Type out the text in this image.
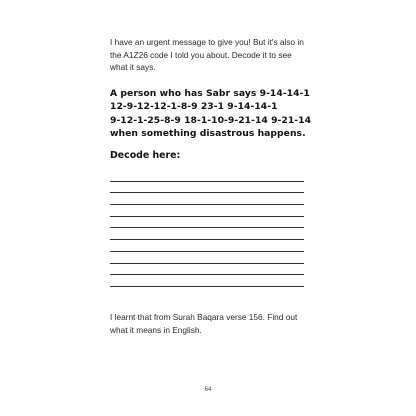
I have an urgent message to give you! But it's also in

the A1Z26 code I told you about. Decode it to see

what it says.

A person who has Sabr says 9-14-14-1
12-9-12-12-1-8-9 23-1 9-14-14-1
9-12-1-25-8-9 18-1-10-9-21-14 9-21-14
when something disastrous happens.
Decode here:

I learnt that from Surah Baqara verse 156. Find out

what it means in English.

64
